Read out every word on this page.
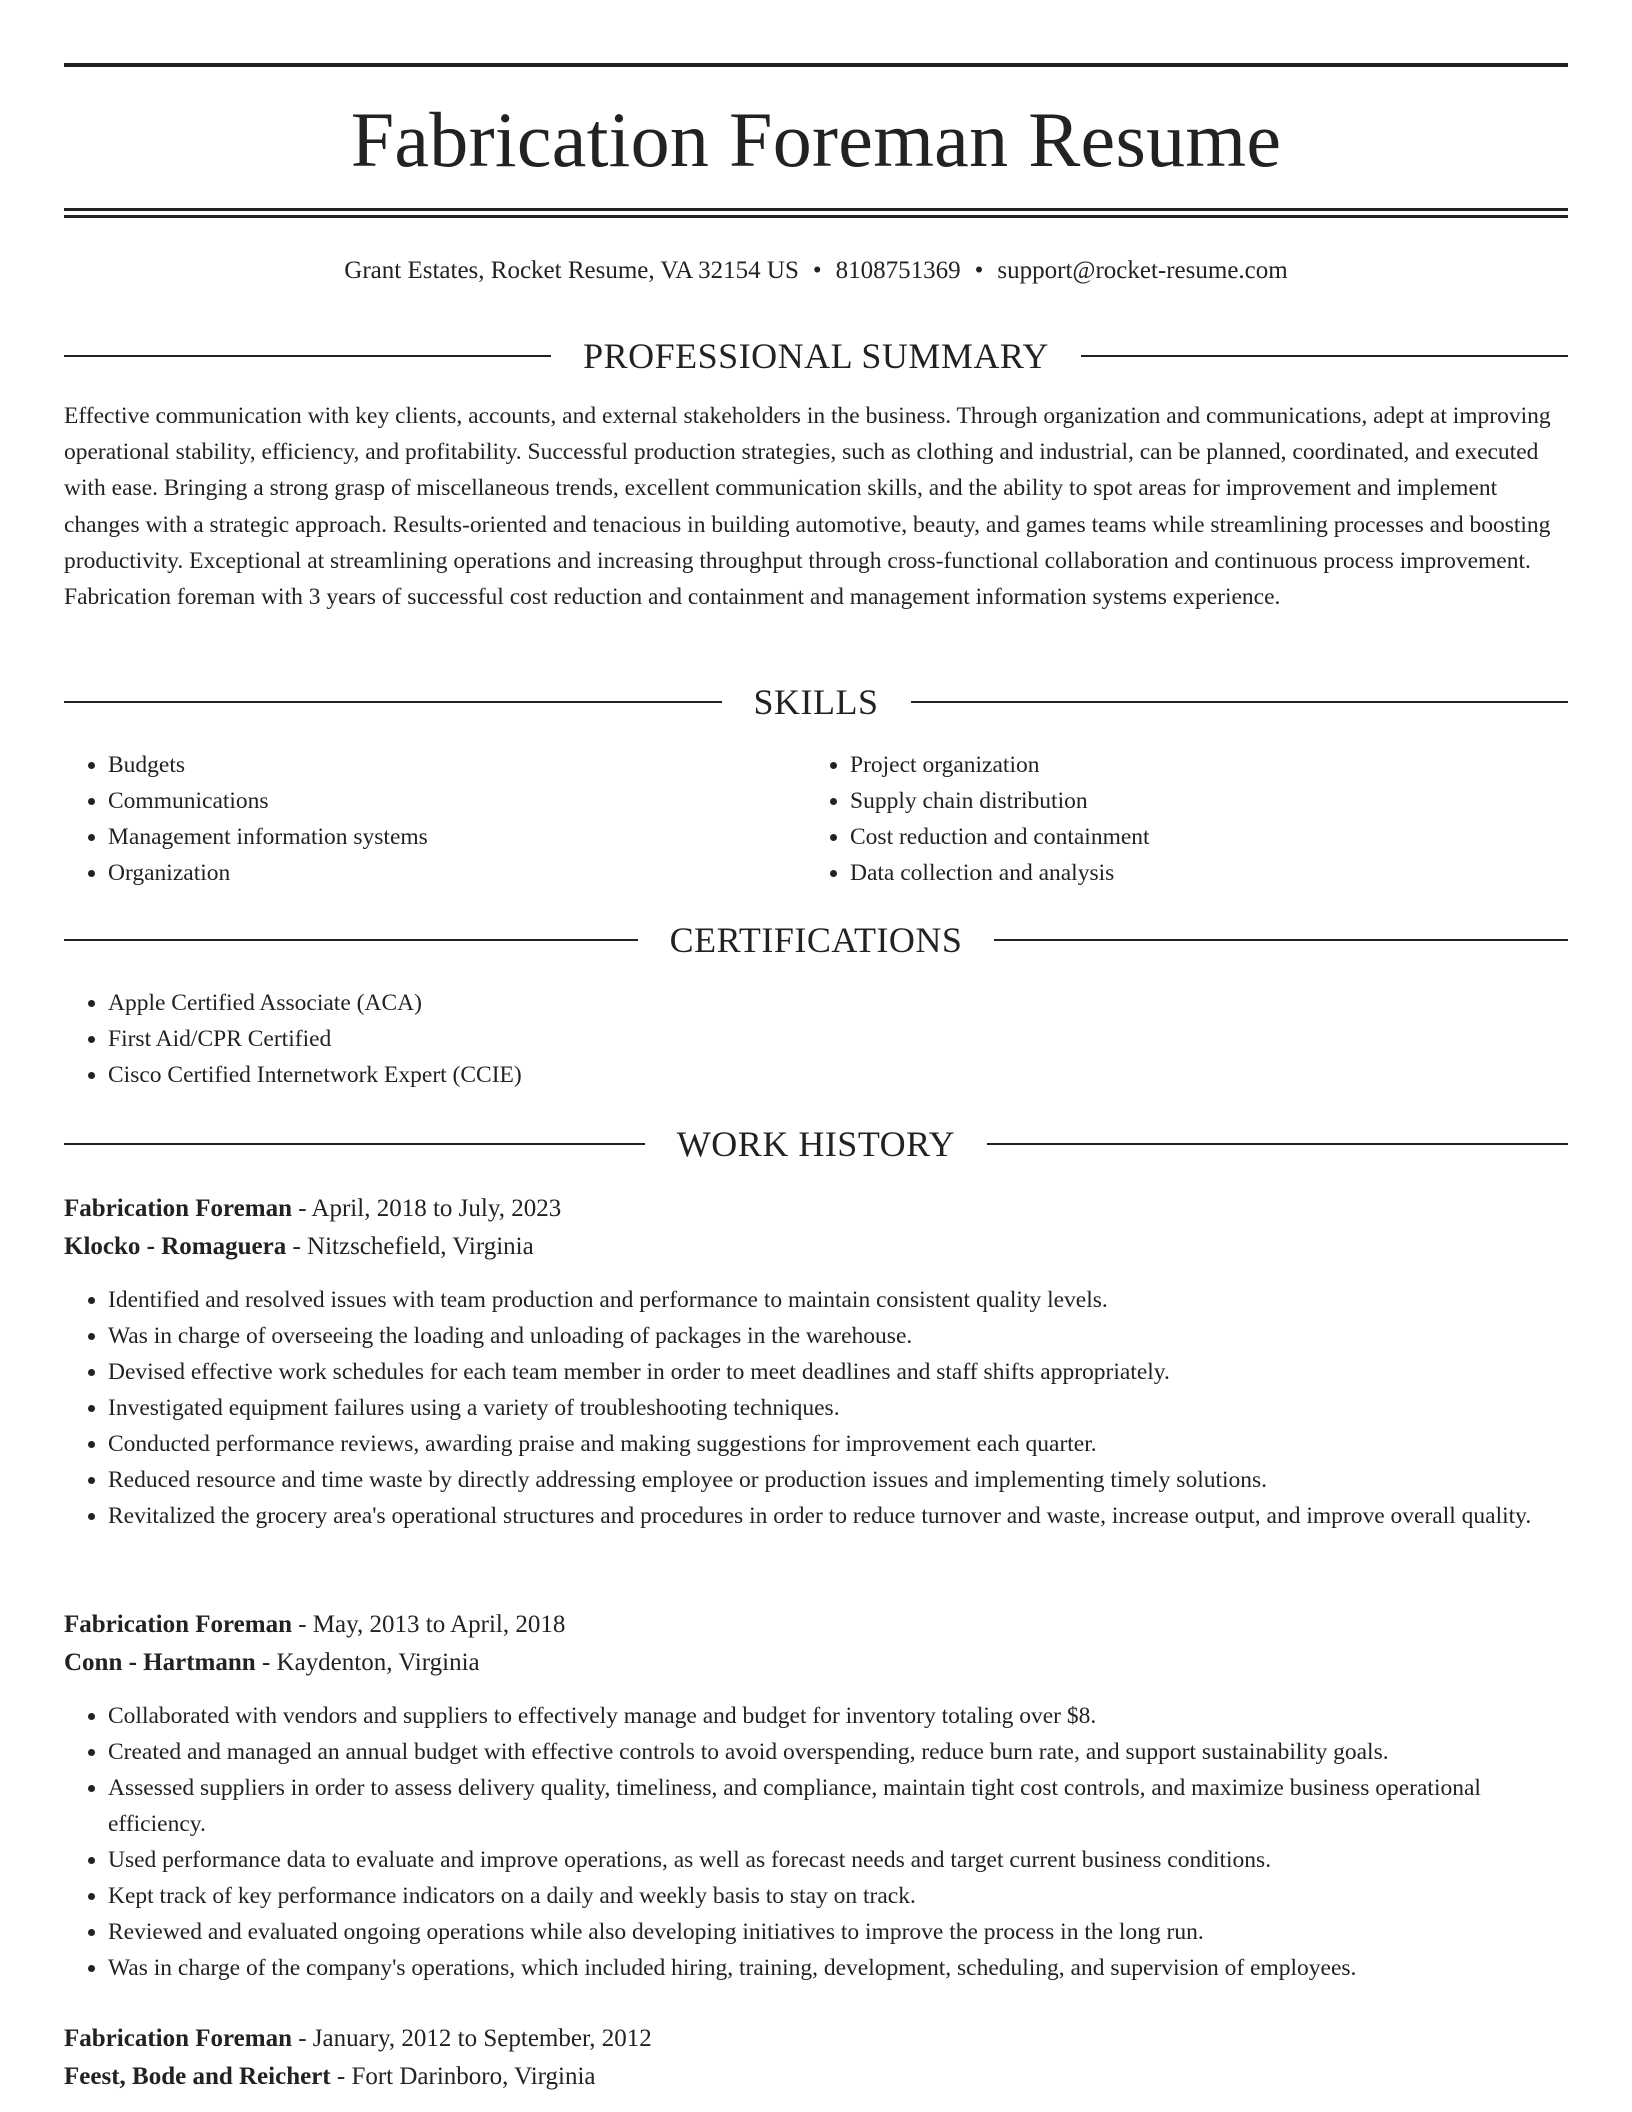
Fabrication Foreman Resume
Grant Estates, Rocket Resume, VA 32154 US • 8108751369 • support@rocket-resume.com
PROFESSIONAL SUMMARY

Effective communication with key clients, accounts, and external stakeholders in the business. Through organization and communications, adept at improving operational stability, efficiency, and profitability. Successful production strategies, such as clothing and industrial, can be planned, coordinated, and executed with ease. Bringing a strong grasp of miscellaneous trends, excellent communication skills, and the ability to spot areas for improvement and implement changes with a strategic approach. Results-oriented and tenacious in building automotive, beauty, and games teams while streamlining processes and boosting productivity. Exceptional at streamlining operations and increasing throughput through cross-functional collaboration and continuous process improvement. Fabrication foreman with 3 years of successful cost reduction and containment and management information systems experience.

SKILLS
• Budgets
• Communications
• Management information systems
• Organization
• Project organization
• Supply chain distribution
• Cost reduction and containment
• Data collection and analysis
CERTIFICATIONS
• Apple Certified Associate (ACA)
• First Aid/CPR Certified
• Cisco Certified Internetwork Expert (CCIE)
WORK HISTORY
Fabrication Foreman - April, 2018 to July, 2023
Klocko - Romaguera - Nitzschefield, Virginia
• Identified and resolved issues with team production and performance to maintain consistent quality levels.
• Was in charge of overseeing the loading and unloading of packages in the warehouse.
• Devised effective work schedules for each team member in order to meet deadlines and staff shifts appropriately.
• Investigated equipment failures using a variety of troubleshooting techniques.
• Conducted performance reviews, awarding praise and making suggestions for improvement each quarter.
• Reduced resource and time waste by directly addressing employee or production issues and implementing timely solutions.
• Revitalized the grocery area's operational structures and procedures in order to reduce turnover and waste, increase output, and improve overall quality.
Fabrication Foreman - May, 2013 to April, 2018
Conn - Hartmann - Kaydenton, Virginia
• Collaborated with vendors and suppliers to effectively manage and budget for inventory totaling over $8.
• Created and managed an annual budget with effective controls to avoid overspending, reduce burn rate, and support sustainability goals.
• Assessed suppliers in order to assess delivery quality, timeliness, and compliance, maintain tight cost controls, and maximize business operational efficiency.
• Used performance data to evaluate and improve operations, as well as forecast needs and target current business conditions.
• Kept track of key performance indicators on a daily and weekly basis to stay on track.
• Reviewed and evaluated ongoing operations while also developing initiatives to improve the process in the long run.
• Was in charge of the company's operations, which included hiring, training, development, scheduling, and supervision of employees.
Fabrication Foreman - January, 2012 to September, 2012
Feest, Bode and Reichert - Fort Darinboro, Virginia
